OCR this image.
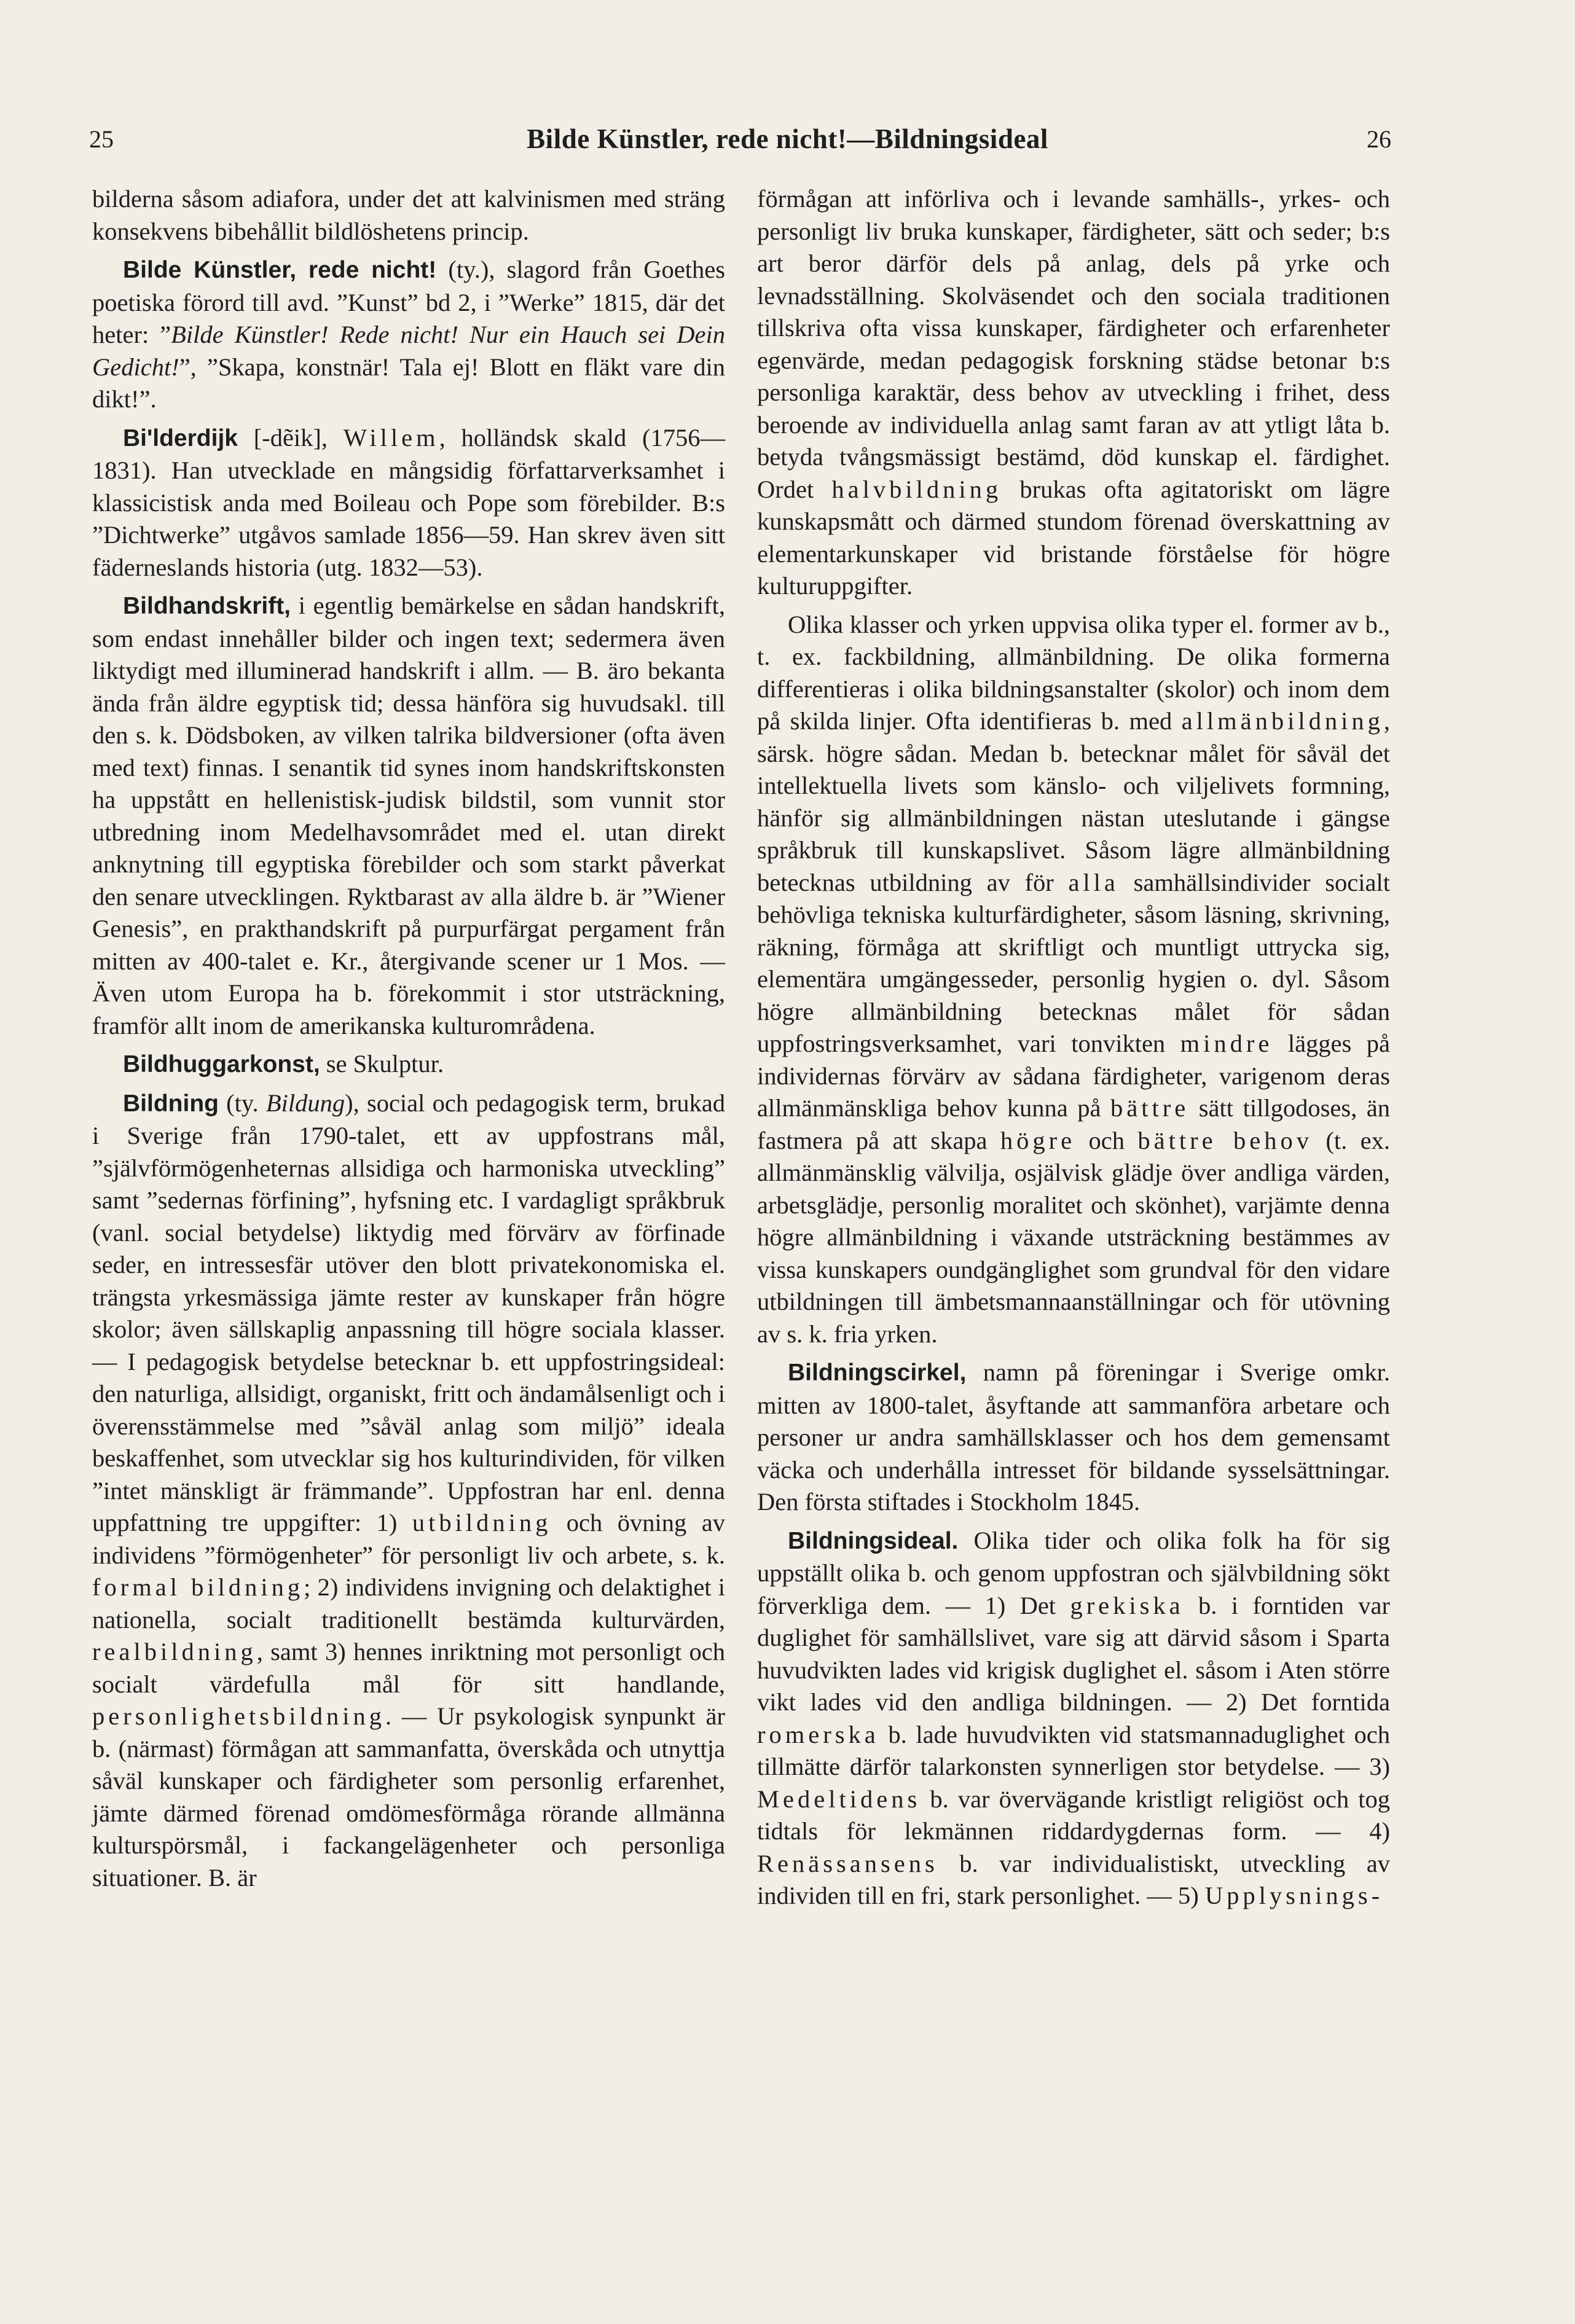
25	Bilde Künstler, rede nicht!—Bildningsideal	26

bilderna såsom adiafora, under det att kalvinismen med sträng konsekvens bibehållit bildlöshetens princip.

Bilde Künstler, rede nicht! (ty.), slagord från Goethes poetiska förord till avd. ”Kunst” bd 2, i ”Werke” 1815, där det heter: ”Bilde Künstler! Rede nicht! Nur ein Hauch sei Dein Gedicht!”, ”Skapa, konstnär! Tala ej! Blott en fläkt vare din dikt!”.

Bi'lderdijk [-dẽik], Willem, holländsk skald (1756—1831). Han utvecklade en mångsidig författarverksamhet i klassicistisk anda med Boileau och Pope som förebilder. B:s ”Dichtwerke” utgåvos samlade 1856—59. Han skrev även sitt fäderneslands historia (utg. 1832—53).

Bildhandskrift, i egentlig bemärkelse en sådan handskrift, som endast innehåller bilder och ingen text; sedermera även liktydigt med illuminerad handskrift i allm. — B. äro bekanta ända från äldre egyptisk tid; dessa hänföra sig huvudsakl. till den s. k. Dödsboken, av vilken talrika bildversioner (ofta även med text) finnas. I senantik tid synes inom handskriftskonsten ha uppstått en hellenistisk-judisk bildstil, som vunnit stor utbredning inom Medelhavsområdet med el. utan direkt anknytning till egyptiska förebilder och som starkt påverkat den senare utvecklingen. Ryktbarast av alla äldre b. är ”Wiener Genesis”, en prakthandskrift på purpurfärgat pergament från mitten av 400-talet e. Kr., återgivande scener ur 1 Mos. — Även utom Europa ha b. förekommit i stor utsträckning, framför allt inom de amerikanska kulturområdena.

Bildhuggarkonst, se Skulptur.

Bildning (ty. Bildung), social och pedagogisk term, brukad i Sverige från 1790-talet, ett av uppfostrans mål, ”självförmögenheternas allsidiga och harmoniska utveckling” samt ”sedernas förfining”, hyfsning etc. I vardagligt språkbruk (vanl. social betydelse) liktydig med förvärv av förfinade seder, en intressesfär utöver den blott privatekonomiska el. trängsta yrkesmässiga jämte rester av kunskaper från högre skolor; även sällskaplig anpassning till högre sociala klasser. — I pedagogisk betydelse betecknar b. ett uppfostringsideal: den naturliga, allsidigt, organiskt, fritt och ändamålsenligt och i överensstämmelse med ”såväl anlag som miljö” ideala beskaffenhet, som utvecklar sig hos kulturindividen, för vilken ”intet mänskligt är främmande”. Uppfostran har enl. denna uppfattning tre uppgifter: 1) utbildning och övning av individens ”förmögenheter” för personligt liv och arbete, s. k. formal bildning; 2) individens invigning och delaktighet i nationella, socialt traditionellt bestämda kulturvärden, realbildning, samt 3) hennes inriktning mot personligt och socialt värdefulla mål för sitt handlande, personlighetsbildning. — Ur psykologisk synpunkt är b. (närmast) förmågan att sammanfatta, överskåda och utnyttja såväl kunskaper och färdigheter som personlig erfarenhet, jämte därmed förenad omdömesförmåga rörande allmänna kulturspörsmål, i fackangelägenheter och personliga situationer. B. är

förmågan att införliva och i levande samhälls-, yrkes- och personligt liv bruka kunskaper, färdigheter, sätt och seder; b:s art beror därför dels på anlag, dels på yrke och levnadsställning. Skolväsendet och den sociala traditionen tillskriva ofta vissa kunskaper, färdigheter och erfarenheter egenvärde, medan pedagogisk forskning städse betonar b:s personliga karaktär, dess behov av utveckling i frihet, dess beroende av individuella anlag samt faran av att ytligt låta b. betyda tvångsmässigt bestämd, död kunskap el. färdighet. Ordet halvbildning brukas ofta agitatoriskt om lägre kunskapsmått och därmed stundom förenad överskattning av elementarkunskaper vid bristande förståelse för högre kulturuppgifter.

Olika klasser och yrken uppvisa olika typer el. former av b., t. ex. fackbildning, allmänbildning. De olika formerna differentieras i olika bildningsanstalter (skolor) och inom dem på skilda linjer. Ofta identifieras b. med allmänbildning, särsk. högre sådan. Medan b. betecknar målet för såväl det intellektuella livets som känslo- och viljelivets formning, hänför sig allmänbildningen nästan uteslutande i gängse språkbruk till kunskapslivet. Såsom lägre allmänbildning betecknas utbildning av för alla samhällsindivider socialt behövliga tekniska kulturfärdigheter, såsom läsning, skrivning, räkning, förmåga att skriftligt och muntligt uttrycka sig, elementära umgängesseder, personlig hygien o. dyl. Såsom högre allmänbildning betecknas målet för sådan uppfostringsverksamhet, vari tonvikten mindre lägges på individernas förvärv av sådana färdigheter, varigenom deras allmänmänskliga behov kunna på bättre sätt tillgodoses, än fastmera på att skapa högre och bättre behov (t. ex. allmänmänsklig välvilja, osjälvisk glädje över andliga värden, arbetsglädje, personlig moralitet och skönhet), varjämte denna högre allmänbildning i växande utsträckning bestämmes av vissa kunskapers oundgänglighet som grundval för den vidare utbildningen till ämbetsmannaanställningar och för utövning av s. k. fria yrken.

Bildningscirkel, namn på föreningar i Sverige omkr. mitten av 1800-talet, åsyftande att sammanföra arbetare och personer ur andra samhällsklasser och hos dem gemensamt väcka och underhålla intresset för bildande sysselsättningar. Den första stiftades i Stockholm 1845.

Bildningsideal. Olika tider och olika folk ha för sig uppställt olika b. och genom uppfostran och självbildning sökt förverkliga dem. — 1) Det grekiska b. i forntiden var duglighet för samhällslivet, vare sig att därvid såsom i Sparta huvudvikten lades vid krigisk duglighet el. såsom i Aten större vikt lades vid den andliga bildningen. — 2) Det forntida romerska b. lade huvudvikten vid statsmannaduglighet och tillmätte därför talarkonsten synnerligen stor betydelse. — 3) Medeltidens b. var övervägande kristligt religiöst och tog tidtals för lekmännen riddardygdernas form. — 4) Renässansens b. var individualistiskt, utveckling av individen till en fri, stark personlighet. — 5) Upplysnings-
